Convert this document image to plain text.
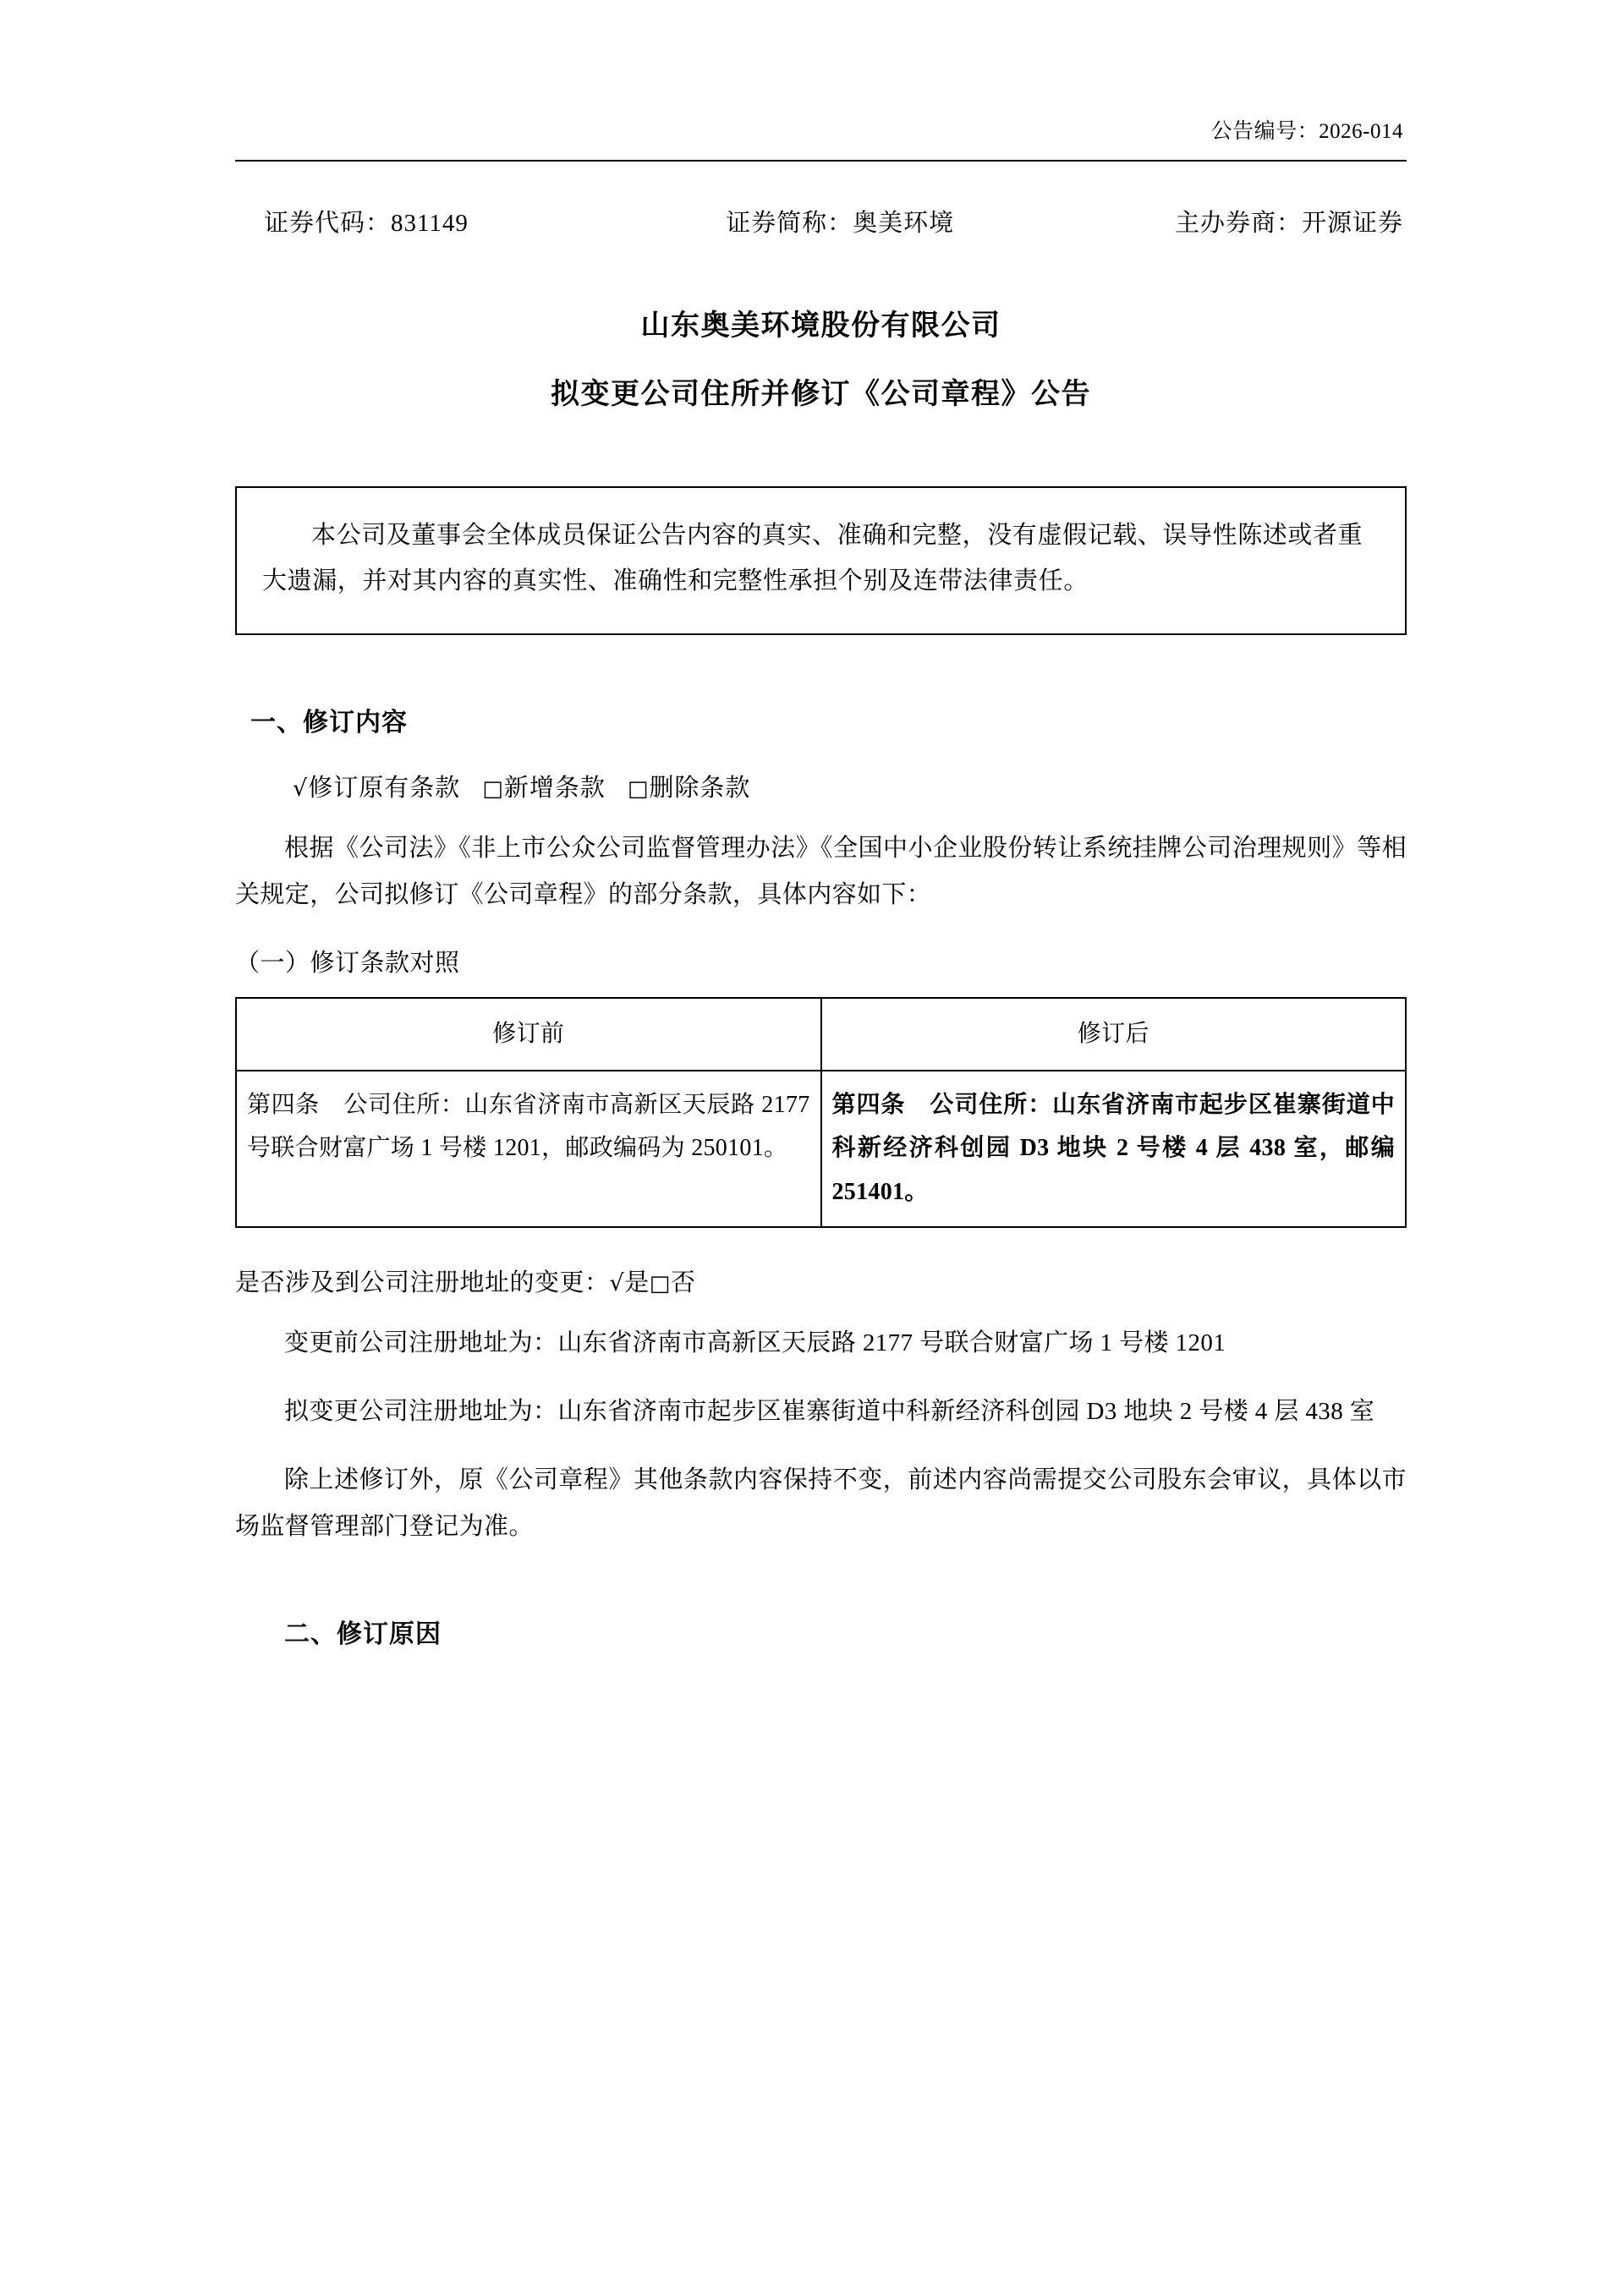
公告编号：2026-014
证券代码：831149	证券简称：奥美环境	主办券商：开源证券
山东奥美环境股份有限公司
拟变更公司住所并修订《公司章程》公告

本公司及董事会全体成员保证公告内容的真实、准确和完整，没有虚假记载、误导性陈述或者重大遗漏，并对其内容的真实性、准确性和完整性承担个别及连带法律责任。

一、修订内容
√修订原有条款 □新增条款 □删除条款

根据《公司法》《非上市公众公司监督管理办法》《全国中小企业股份转让系统挂牌公司治理规则》等相关规定，公司拟修订《公司章程》的部分条款，具体内容如下：

（一）修订条款对照

修订前	修订后
第四条　公司住所：山东省济南市高新区天辰路 2177 号联合财富广场 1 号楼 1201，邮政编码为 250101。	第四条　公司住所：山东省济南市起步区崔寨街道中科新经济科创园 D3 地块 2 号楼 4 层 438 室，邮编 251401。
是否涉及到公司注册地址的变更：√是□否

变更前公司注册地址为：山东省济南市高新区天辰路 2177 号联合财富广场 1 号楼 1201

拟变更公司注册地址为：山东省济南市起步区崔寨街道中科新经济科创园 D3 地块 2 号楼 4 层 438 室

除上述修订外，原《公司章程》其他条款内容保持不变，前述内容尚需提交公司股东会审议，具体以市场监督管理部门登记为准。

二、修订原因
